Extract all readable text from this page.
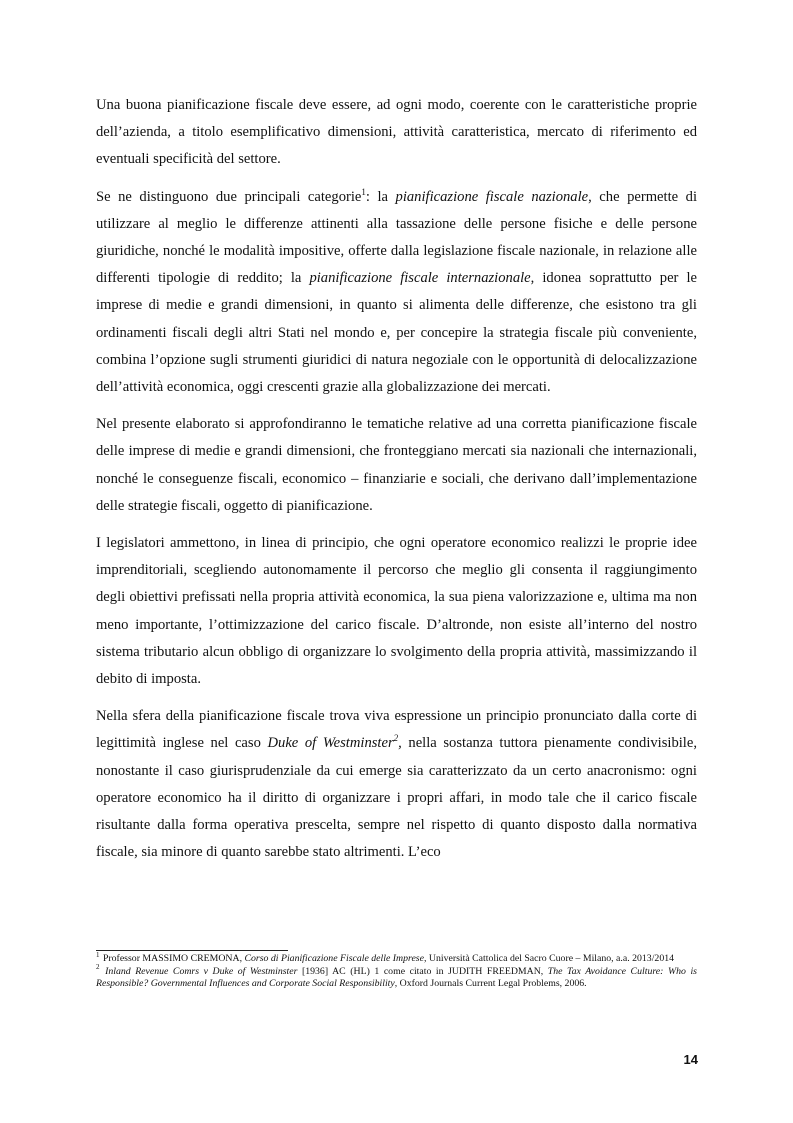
Una buona pianificazione fiscale deve essere, ad ogni modo, coerente con le caratteristiche proprie dell’azienda, a titolo esemplificativo dimensioni, attività caratteristica, mercato di riferimento ed eventuali specificità del settore.

Se ne distinguono due principali categorie$^1$: la pianificazione fiscale nazionale, che permette di utilizzare al meglio le differenze attinenti alla tassazione delle persone fisiche e delle persone giuridiche, nonché le modalità impositive, offerte dalla legislazione fiscale nazionale, in relazione alle differenti tipologie di reddito; la pianificazione fiscale internazionale, idonea soprattutto per le imprese di medie e grandi dimensioni, in quanto si alimenta delle differenze, che esistono tra gli ordinamenti fiscali degli altri Stati nel mondo e, per concepire la strategia fiscale più conveniente, combina l’opzione sugli strumenti giuridici di natura negoziale con le opportunità di delocalizzazione dell’attività economica, oggi crescenti grazie alla globalizzazione dei mercati.

Nel presente elaborato si approfondiranno le tematiche relative ad una corretta pianificazione fiscale delle imprese di medie e grandi dimensioni, che fronteggiano mercati sia nazionali che internazionali, nonché le conseguenze fiscali, economico – finanziarie e sociali, che derivano dall’implementazione delle strategie fiscali, oggetto di pianificazione.

I legislatori ammettono, in linea di principio, che ogni operatore economico realizzi le proprie idee imprenditoriali, scegliendo autonomamente il percorso che meglio gli consenta il raggiungimento degli obiettivi prefissati nella propria attività economica, la sua piena valorizzazione e, ultima ma non meno importante, l’ottimizzazione del carico fiscale. D’altronde, non esiste all’interno del nostro sistema tributario alcun obbligo di organizzare lo svolgimento della propria attività, massimizzando il debito di imposta.

Nella sfera della pianificazione fiscale trova viva espressione un principio pronunciato dalla corte di legittimità inglese nel caso Duke of Westminster$^2$, nella sostanza tuttora pienamente condivisibile, nonostante il caso giurisprudenziale da cui emerge sia caratterizzato da un certo anacronismo: ogni operatore economico ha il diritto di organizzare i propri affari, in modo tale che il carico fiscale risultante dalla forma operativa prescelta, sempre nel rispetto di quanto disposto dalla normativa fiscale, sia minore di quanto sarebbe stato altrimenti. L’eco

$^1$ Professor MASSIMO CREMONA, Corso di Pianificazione Fiscale delle Imprese, Università Cattolica del Sacro Cuore – Milano, a.a. 2013/2014

$^2$ Inland Revenue Comrs v Duke of Westminster [1936] AC (HL) 1 come citato in JUDITH FREEDMAN, The Tax Avoidance Culture: Who is Responsible? Governmental Influences and Corporate Social Responsibility, Oxford Journals Current Legal Problems, 2006.

14
